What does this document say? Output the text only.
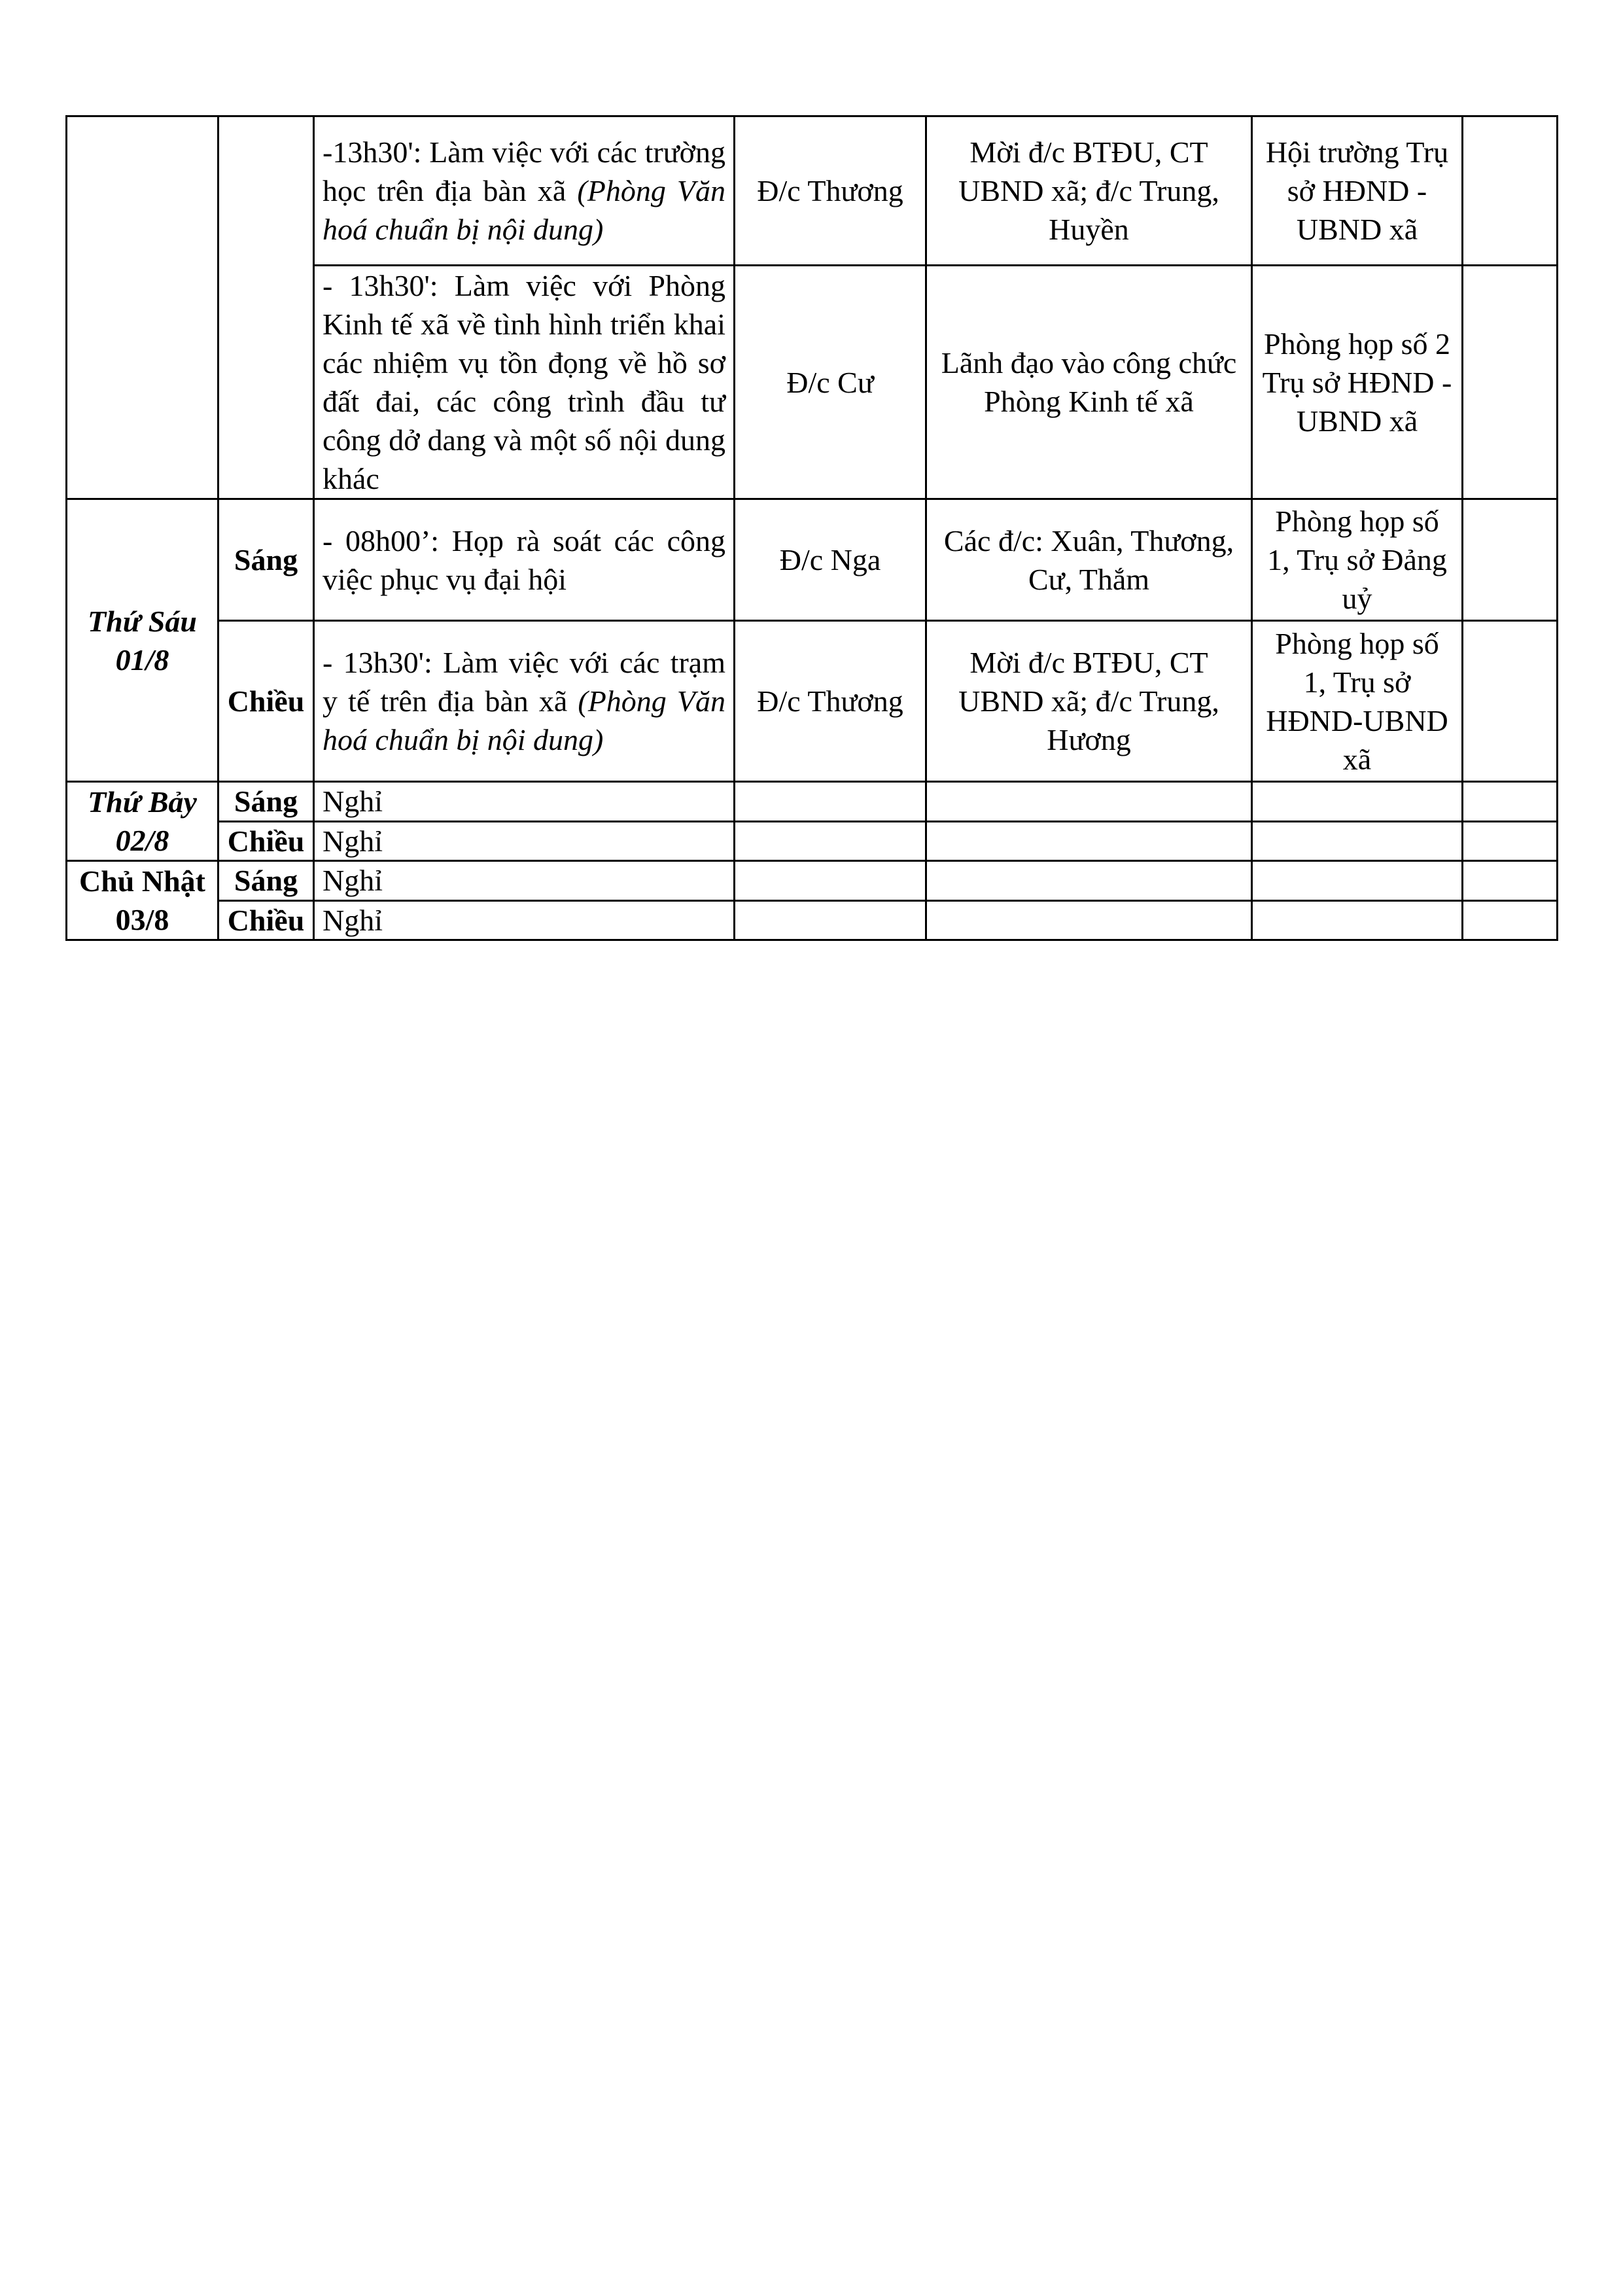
		-13h30': Làm việc với các trường học trên địa bàn xã (Phòng Văn hoá chuẩn bị nội dung)	Đ/c Thương	Mời đ/c BTĐU, CT UBND xã; đ/c Trung, Huyền	Hội trường Trụ sở HĐND -UBND xã	
		- 13h30': Làm việc với Phòng Kinh tế xã về tình hình triển khai các nhiệm vụ tồn đọng về hồ sơ đất đai, các công trình đầu tư công dở dang và một số nội dung khác	Đ/c Cư	Lãnh đạo vào công chức Phòng Kinh tế xã	Phòng họp số 2 Trụ sở HĐND - UBND xã	
Thứ Sáu 01/8	Sáng	- 08h00’: Họp rà soát các công việc phục vụ đại hội	Đ/c Nga	Các đ/c: Xuân, Thương, Cư, Thắm	Phòng họp số 1, Trụ sở Đảng uỷ	
	Chiều	- 13h30': Làm việc với các trạm y tế trên địa bàn xã (Phòng Văn hoá chuẩn bị nội dung)	Đ/c Thương	Mời đ/c BTĐU, CT UBND xã; đ/c Trung, Hương	Phòng họp số 1, Trụ sở HĐND-UBND xã	
Thứ Bảy 02/8	Sáng	Nghỉ				
	Chiều	Nghỉ				
Chủ Nhật 03/8	Sáng	Nghỉ				
	Chiều	Nghỉ				
